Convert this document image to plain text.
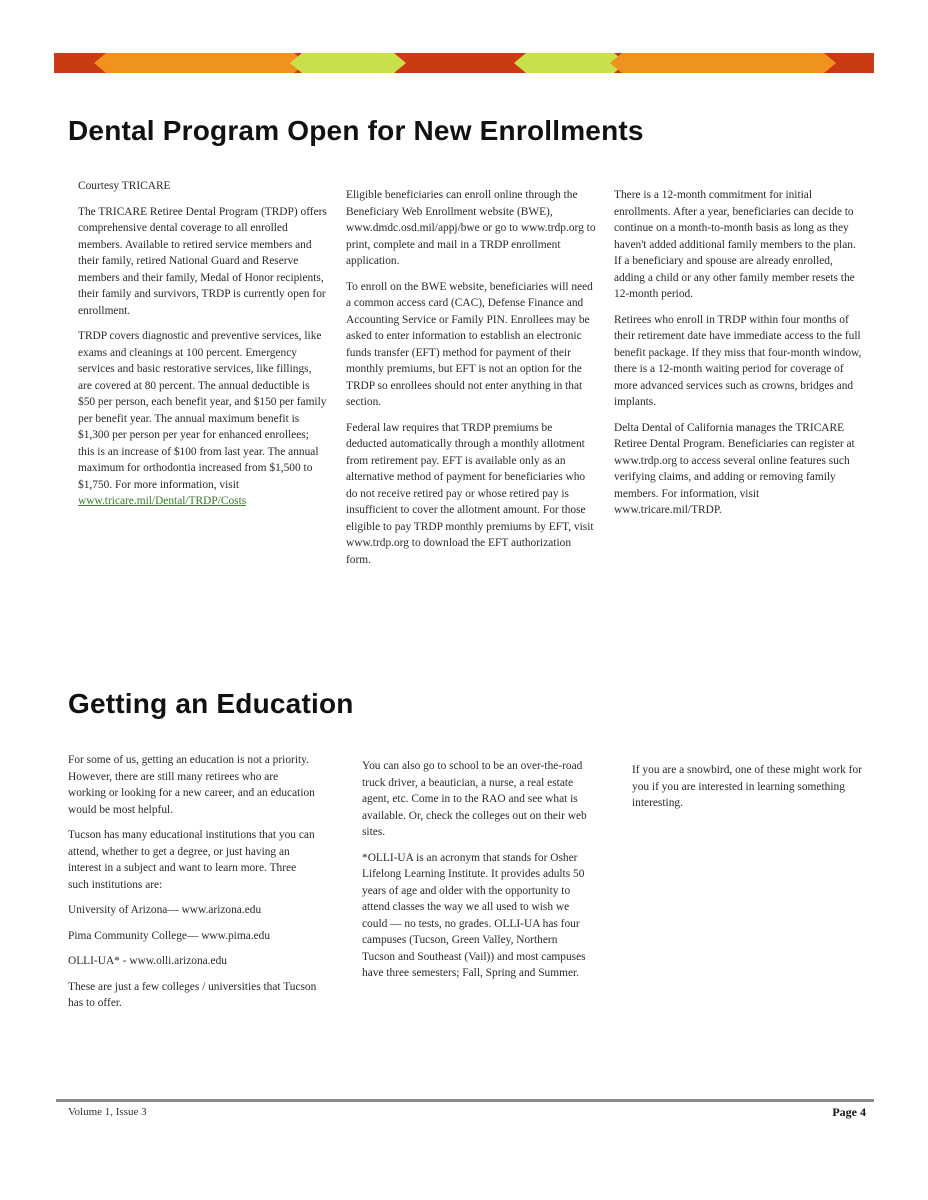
Dental Program Open for New Enrollments

Courtesy TRICARE

The TRICARE Retiree Dental Program (TRDP) offers comprehensive dental coverage to all enrolled members. Available to retired service members and their family, retired National Guard and Reserve members and their family, Medal of Honor recipients, their family and survivors, TRDP is currently open for enrollment.

TRDP covers diagnostic and preventive services, like exams and cleanings at 100 percent. Emergency services and basic restorative services, like fillings, are covered at 80 percent. The annual deductible is $50 per person, each benefit year, and $150 per family per benefit year. The annual maximum benefit is $1,300 per person per year for enhanced enrollees; this is an increase of $100 from last year. The annual maximum for orthodontia increased from $1,500 to $1,750. For more information, visit www.tricare.mil/Dental/TRDP/Costs

Eligible beneficiaries can enroll online through the Beneficiary Web Enrollment website (BWE), www.dmdc.osd.mil/appj/bwe or go to www.trdp.org to print, complete and mail in a TRDP enrollment application.

To enroll on the BWE website, beneficiaries will need a common access card (CAC), Defense Finance and Accounting Service or Family PIN. Enrollees may be asked to enter information to establish an electronic funds transfer (EFT) method for payment of their monthly premiums, but EFT is not an option for the TRDP so enrollees should not enter anything in that section.

Federal law requires that TRDP premiums be deducted automatically through a monthly allotment from retirement pay. EFT is available only as an alternative method of payment for beneficiaries who do not receive retired pay or whose retired pay is insufficient to cover the allotment amount. For those eligible to pay TRDP monthly premiums by EFT, visit www.trdp.org to download the EFT authorization form.

There is a 12-month commitment for initial enrollments. After a year, beneficiaries can decide to continue on a month-to-month basis as long as they haven't added additional family members to the plan. If a beneficiary and spouse are already enrolled, adding a child or any other family member resets the 12-month period.

Retirees who enroll in TRDP within four months of their retirement date have immediate access to the full benefit package. If they miss that four-month window, there is a 12-month waiting period for coverage of more advanced services such as crowns, bridges and implants.

Delta Dental of California manages the TRICARE Retiree Dental Program. Beneficiaries can register at www.trdp.org to access several online features such verifying claims, and adding or removing family members. For information, visit www.tricare.mil/TRDP.

Getting an Education

For some of us, getting an education is not a priority. However, there are still many retirees who are working or looking for a new career, and an education would be most helpful.

Tucson has many educational institutions that you can attend, whether to get a degree, or just having an interest in a subject and want to learn more. Three such institutions are:

University of Arizona— www.arizona.edu

Pima Community College— www.pima.edu

OLLI-UA* - www.olli.arizona.edu

These are just a few colleges / universities that Tucson has to offer.

You can also go to school to be an over-the-road truck driver, a beautician, a nurse, a real estate agent, etc. Come in to the RAO and see what is available. Or, check the colleges out on their web sites.

*OLLI-UA is an acronym that stands for Osher Lifelong Learning Institute. It provides adults 50 years of age and older with the opportunity to attend classes the way we all used to wish we could — no tests, no grades. OLLI-UA has four campuses (Tucson, Green Valley, Northern Tucson and Southeast (Vail)) and most campuses have three semesters; Fall, Spring and Summer.

If you are a snowbird, one of these might work for you if you are interested in learning something interesting.

Volume 1, Issue 3	Page 4
